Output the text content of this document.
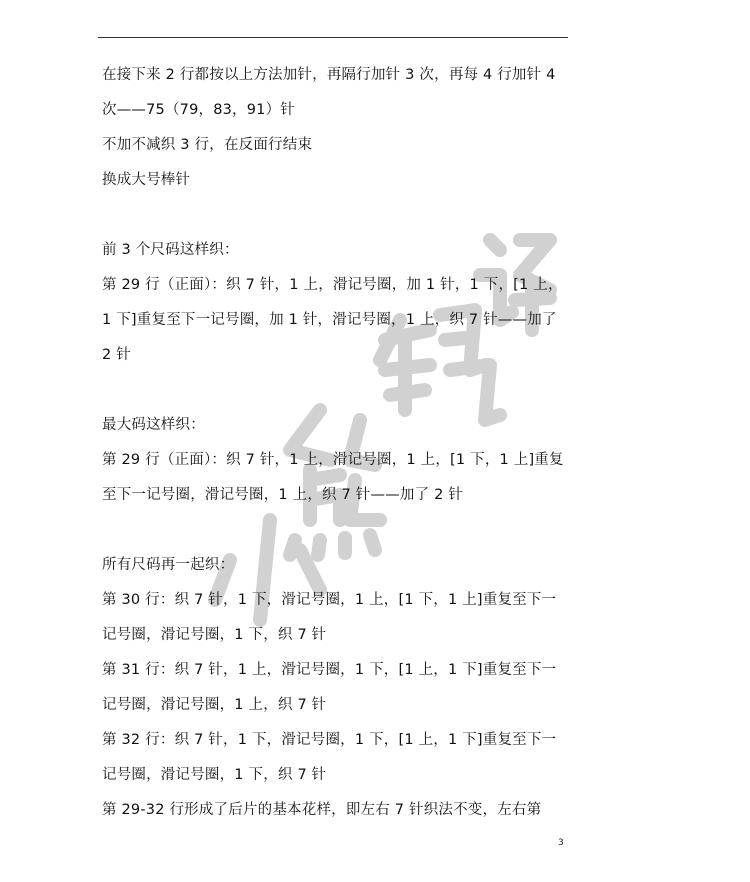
在接下来 2 行都按以上方法加针，再隔行加针 3 次，再每 4 行加针 4
次——75（79，83，91）针
不加不减织 3 行，在反面行结束
换成大号棒针
前 3 个尺码这样织：
第 29 行（正面）：织 7 针，1 上，滑记号圈，加 1 针，1 下，[1 上，
1 下]重复至下一记号圈，加 1 针，滑记号圈，1 上，织 7 针——加了
2 针
最大码这样织：
第 29 行（正面）：织 7 针，1 上，滑记号圈，1 上，[1 下，1 上]重复
至下一记号圈，滑记号圈，1 上，织 7 针——加了 2 针
所有尺码再一起织：
第 30 行：织 7 针，1 下，滑记号圈，1 上，[1 下，1 上]重复至下一
记号圈，滑记号圈，1 下，织 7 针
第 31 行：织 7 针，1 上，滑记号圈，1 下，[1 上，1 下]重复至下一
记号圈，滑记号圈，1 上，织 7 针
第 32 行：织 7 针，1 下，滑记号圈，1 下，[1 上，1 下]重复至下一
记号圈，滑记号圈，1 下，织 7 针
第 29-32 行形成了后片的基本花样，即左右 7 针织法不变，左右第
3
